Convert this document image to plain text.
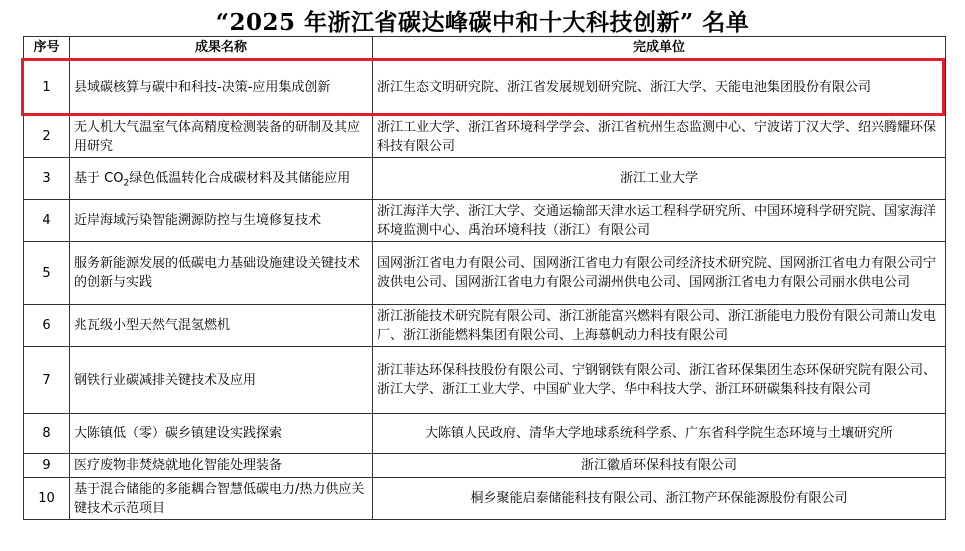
“2025 年浙江省碳达峰碳中和十大科技创新” 名单
序号	成果名称	完成单位
1	县域碳核算与碳中和科技-决策-应用集成创新	浙江生态文明研究院、浙江省发展规划研究院、浙江大学、天能电池集团股份有限公司
2	无人机大气温室气体高精度检测装备的研制及其应用研究	浙江工业大学、浙江省环境科学学会、浙江省杭州生态监测中心、宁波诺丁汉大学、绍兴腾耀环保科技有限公司
3	基于 $CO_2$绿色低温转化合成碳材料及其储能应用	浙江工业大学
4	近岸海域污染智能溯源防控与生境修复技术	浙江海洋大学、浙江大学、交通运输部天津水运工程科学研究所、中国环境科学研究院、国家海洋环境监测中心、禹治环境科技（浙江）有限公司
5	服务新能源发展的低碳电力基础设施建设关键技术的创新与实践	国网浙江省电力有限公司、国网浙江省电力有限公司经济技术研究院、国网浙江省电力有限公司宁波供电公司、国网浙江省电力有限公司湖州供电公司、国网浙江省电力有限公司丽水供电公司
6	兆瓦级小型天然气混氢燃机	浙江浙能技术研究院有限公司、浙江浙能富兴燃料有限公司、浙江浙能电力股份有限公司萧山发电厂、浙江浙能燃料集团有限公司、上海慕帆动力科技有限公司
7	钢铁行业碳减排关键技术及应用	浙江菲达环保科技股份有限公司、宁钢钢铁有限公司、浙江省环保集团生态环保研究院有限公司、浙江大学、浙江工业大学、中国矿业大学、华中科技大学、浙江环研碳集科技有限公司
8	大陈镇低（零）碳乡镇建设实践探索	大陈镇人民政府、清华大学地球系统科学系、广东省科学院生态环境与土壤研究所
9	医疗废物非焚烧就地化智能处理装备	浙江徽盾环保科技有限公司
10	基于混合储能的多能耦合智慧低碳电力/热力供应关键技术示范项目	桐乡聚能启泰储能科技有限公司、浙江物产环保能源股份有限公司
